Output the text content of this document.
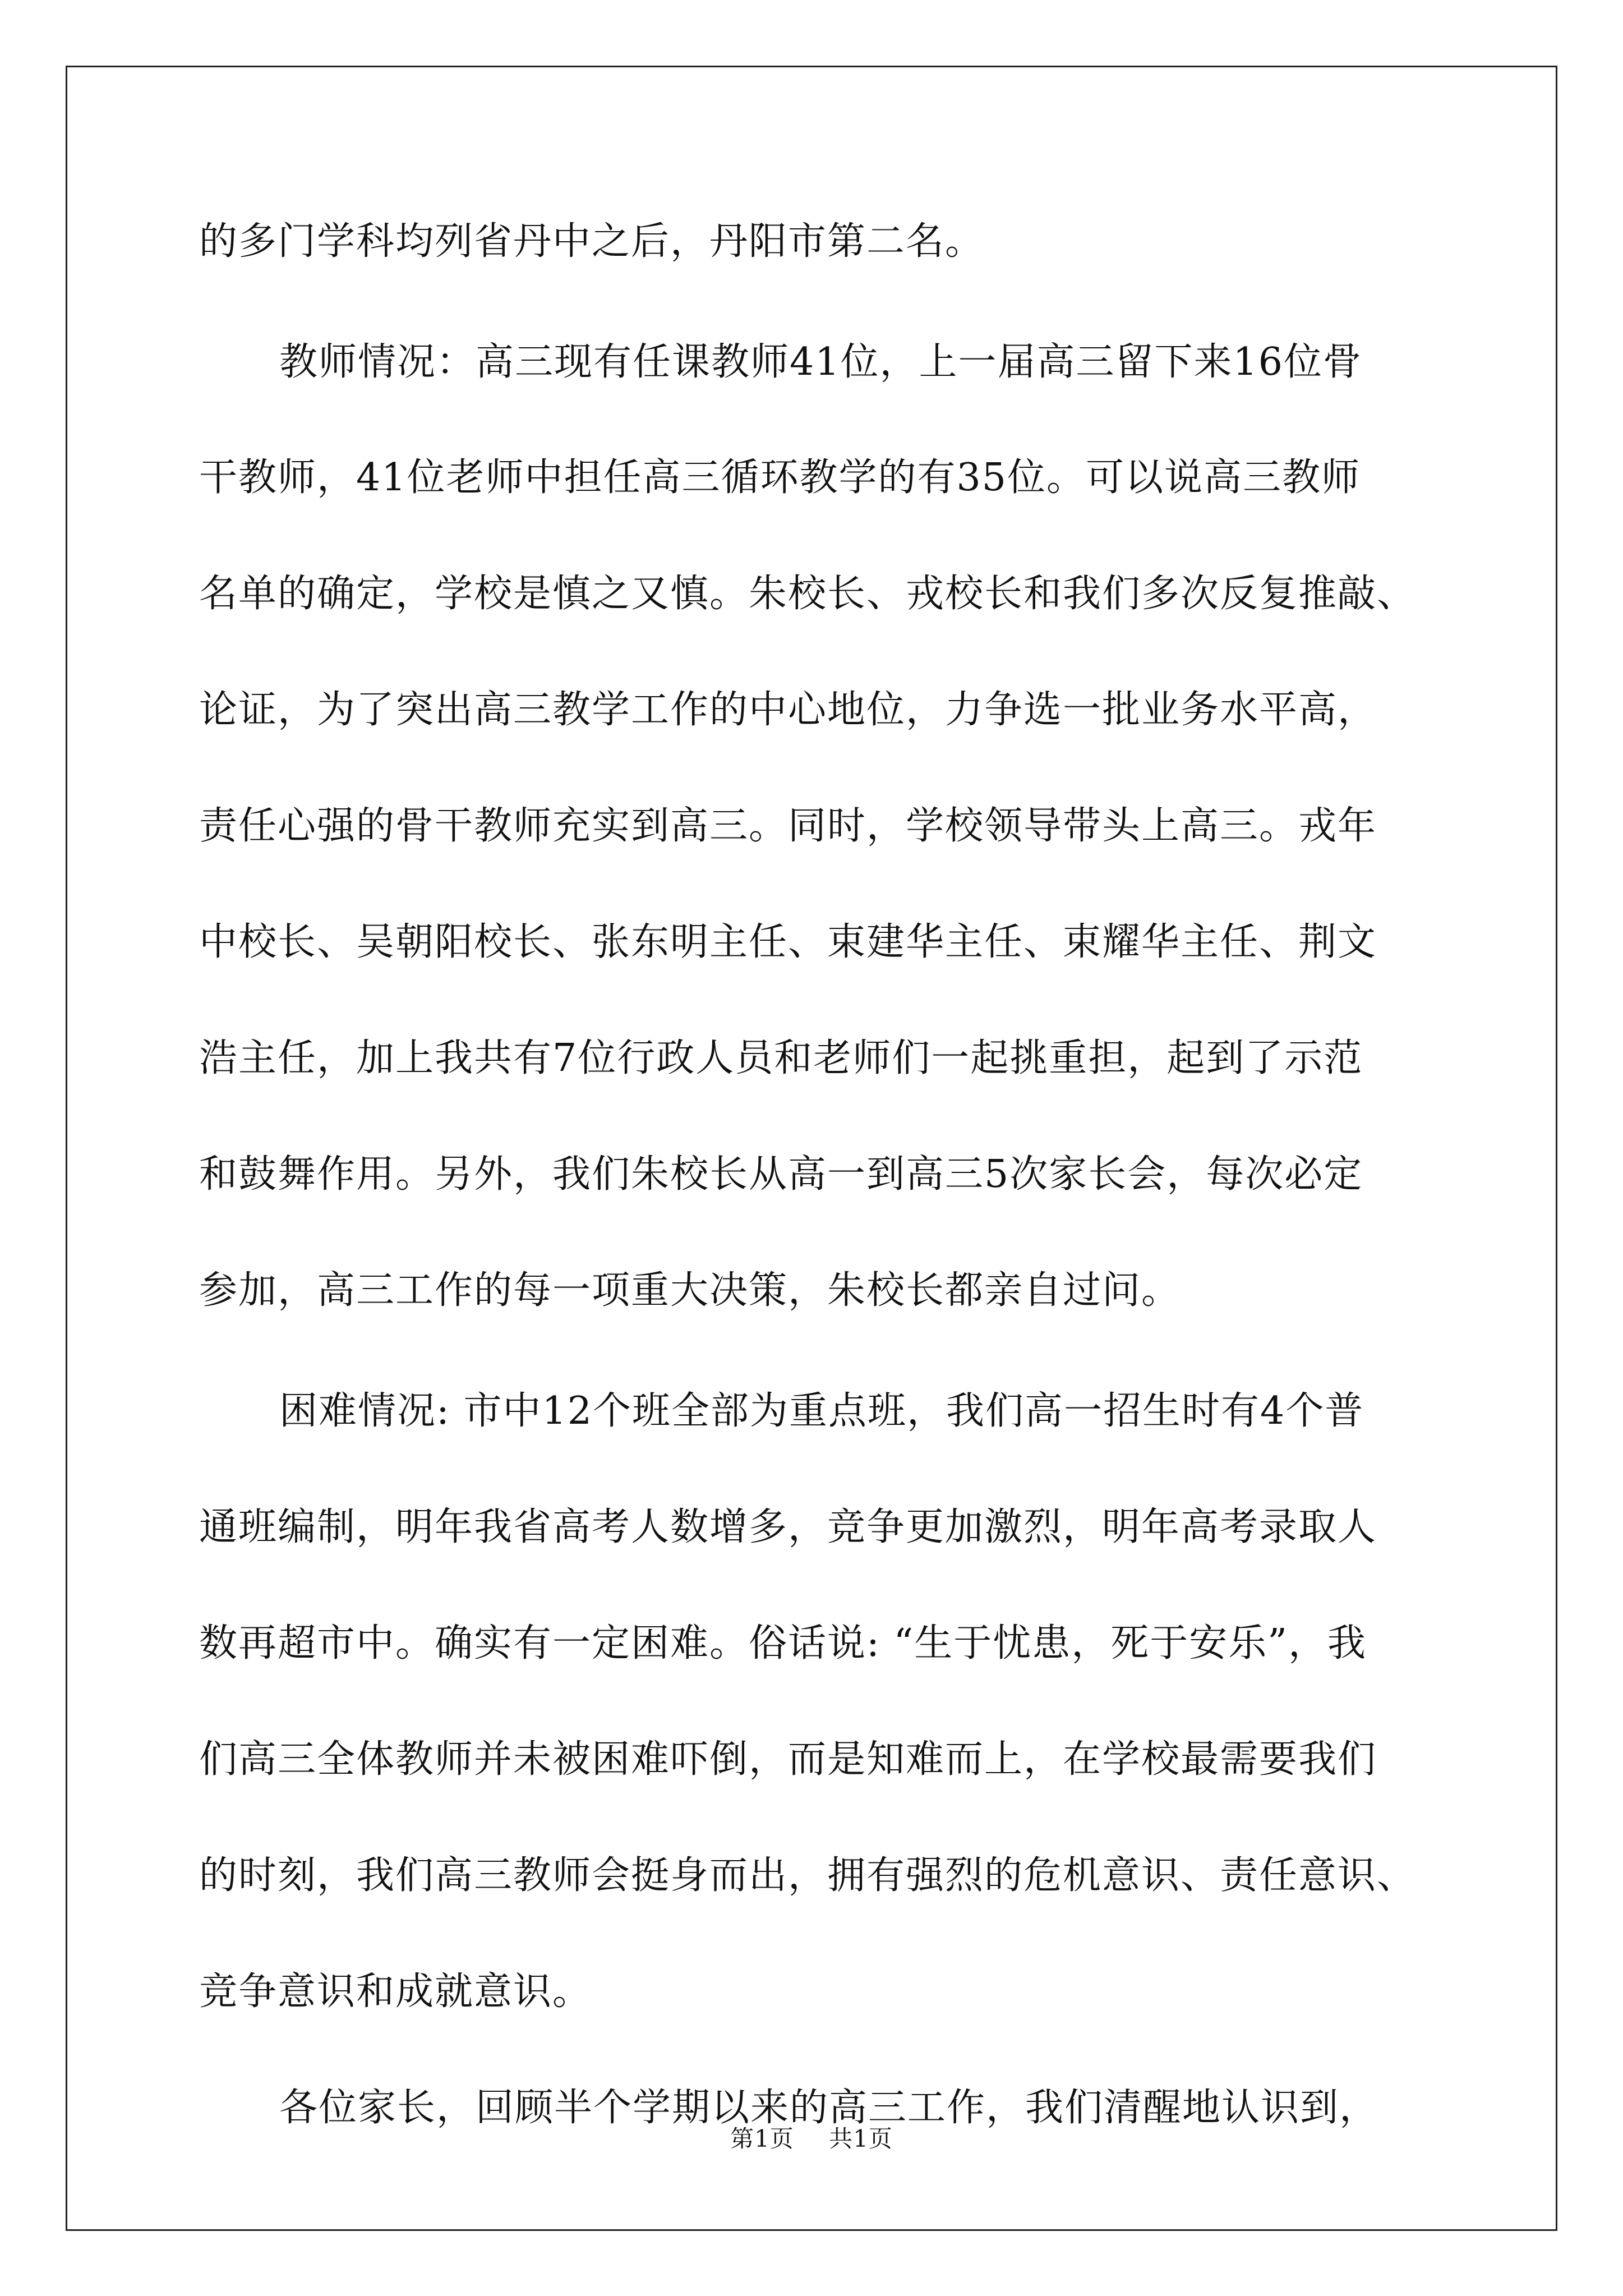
的多门学科均列省丹中之后，丹阳市第二名。

教师情况：高三现有任课教师41位，上一届高三留下来16位骨

干教师，41位老师中担任高三循环教学的有35位。可以说高三教师

名单的确定，学校是慎之又慎。朱校长、戎校长和我们多次反复推敲、

论证，为了突出高三教学工作的中心地位，力争选一批业务水平高，

责任心强的骨干教师充实到高三。同时，学校领导带头上高三。戎年

中校长、吴朝阳校长、张东明主任、束建华主任、束耀华主任、荆文

浩主任，加上我共有7位行政人员和老师们一起挑重担，起到了示范

和鼓舞作用。另外，我们朱校长从高一到高三5次家长会，每次必定

参加，高三工作的每一项重大决策，朱校长都亲自过问。

困难情况: 市中12个班全部为重点班，我们高一招生时有4个普

通班编制，明年我省高考人数增多，竞争更加激烈，明年高考录取人

数再超市中。确实有一定困难。俗话说: “生于忧患，死于安乐”，我

们高三全体教师并未被困难吓倒，而是知难而上，在学校最需要我们

的时刻，我们高三教师会挺身而出，拥有强烈的危机意识、责任意识、

竞争意识和成就意识。

各位家长，回顾半个学期以来的高三工作，我们清醒地认识到，

第1页 共1页
